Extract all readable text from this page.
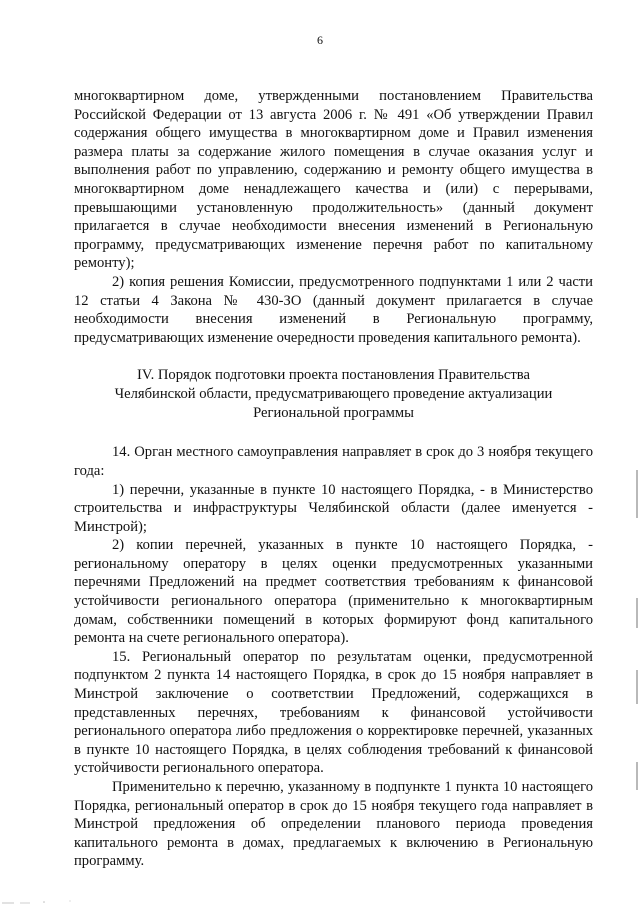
6

многоквартирном доме, утвержденными постановлением Правительства Российской Федерации от 13 августа 2006 г. № 491 «Об утверждении Правил содержания общего имущества в многоквартирном доме и Правил изменения размера платы за содержание жилого помещения в случае оказания услуг и выполнения работ по управлению, содержанию и ремонту общего имущества в многоквартирном доме ненадлежащего качества и (или) с перерывами, превышающими установленную продолжительность» (данный документ прилагается в случае необходимости внесения изменений в Региональную программу, предусматривающих изменение перечня работ по капитальному ремонту);

2) копия решения Комиссии, предусмотренного подпунктами 1 или 2 части 12 статьи 4 Закона № 430-ЗО (данный документ прилагается в случае необходимости внесения изменений в Региональную программу, предусматривающих изменение очередности проведения капитального ремонта).

IV. Порядок подготовки проекта постановления Правительства
Челябинской области, предусматривающего проведение актуализации
Региональной программы

14. Орган местного самоуправления направляет в срок до 3 ноября текущего года:

1) перечни, указанные в пункте 10 настоящего Порядка, - в Министерство строительства и инфраструктуры Челябинской области (далее именуется - Минстрой);

2) копии перечней, указанных в пункте 10 настоящего Порядка, - региональному оператору в целях оценки предусмотренных указанными перечнями Предложений на предмет соответствия требованиям к финансовой устойчивости регионального оператора (применительно к многоквартирным домам, собственники помещений в которых формируют фонд капитального ремонта на счете регионального оператора).

15. Региональный оператор по результатам оценки, предусмотренной подпунктом 2 пункта 14 настоящего Порядка, в срок до 15 ноября направляет в Минстрой заключение о соответствии Предложений, содержащихся в представленных перечнях, требованиям к финансовой устойчивости регионального оператора либо предложения о корректировке перечней, указанных в пункте 10 настоящего Порядка, в целях соблюдения требований к финансовой устойчивости регионального оператора.

Применительно к перечню, указанному в подпункте 1 пункта 10 настоящего Порядка, региональный оператор в срок до 15 ноября текущего года направляет в Минстрой предложения об определении планового периода проведения капитального ремонта в домах, предлагаемых к включению в Региональную программу.
